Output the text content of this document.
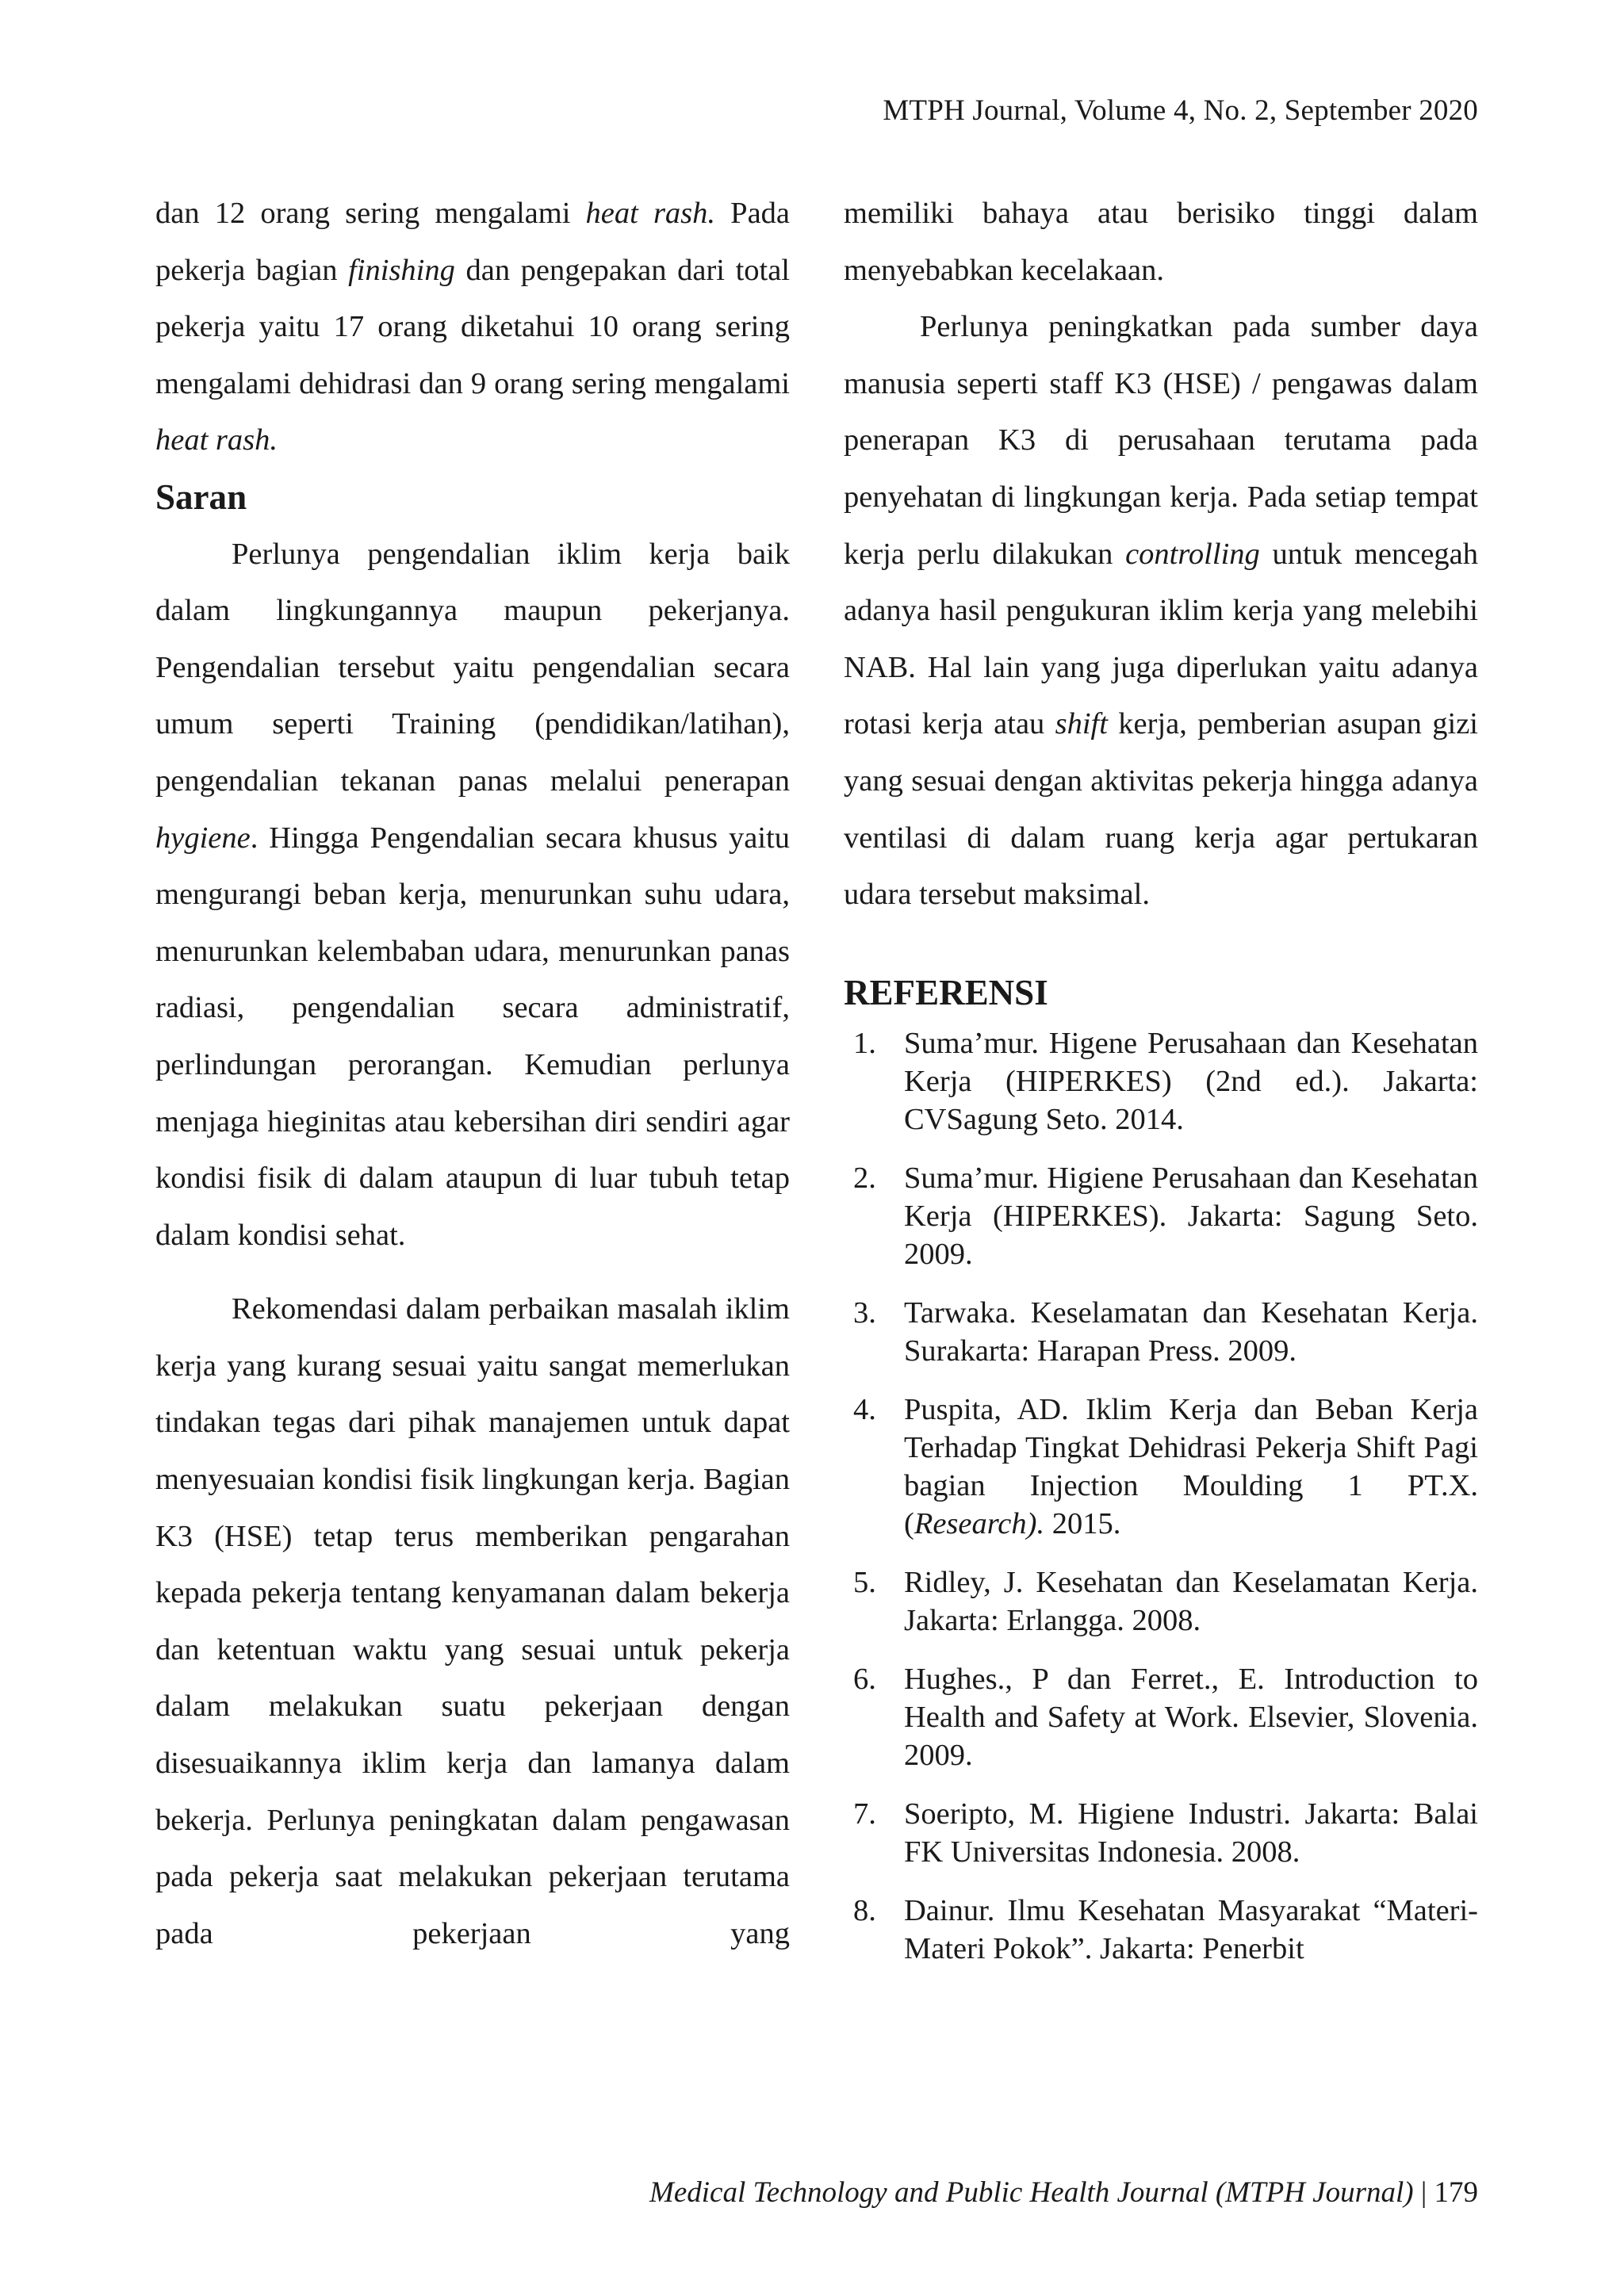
MTPH Journal, Volume 4, No. 2, September 2020

dan 12 orang sering mengalami heat rash. Pada pekerja bagian finishing dan pengepakan dari total pekerja yaitu 17 orang diketahui 10 orang sering mengalami dehidrasi dan 9 orang sering mengalami heat rash.

Saran

Perlunya pengendalian iklim kerja baik dalam lingkungannya maupun pekerjanya. Pengendalian tersebut yaitu pengendalian secara umum seperti Training (pendidikan/latihan), pengendalian tekanan panas melalui penerapan hygiene. Hingga Pengendalian secara khusus yaitu mengurangi beban kerja, menurunkan suhu udara, menurunkan kelembaban udara, menurunkan panas radiasi, pengendalian secara administratif, perlindungan perorangan. Kemudian perlunya menjaga hieginitas atau kebersihan diri sendiri agar kondisi fisik di dalam ataupun di luar tubuh tetap dalam kondisi sehat.

Rekomendasi dalam perbaikan masalah iklim kerja yang kurang sesuai yaitu sangat memerlukan tindakan tegas dari pihak manajemen untuk dapat menyesuaian kondisi fisik lingkungan kerja. Bagian K3 (HSE) tetap terus memberikan pengarahan kepada pekerja tentang kenyamanan dalam bekerja dan ketentuan waktu yang sesuai untuk pekerja dalam melakukan suatu pekerjaan dengan disesuaikannya iklim kerja dan lamanya dalam bekerja. Perlunya peningkatan dalam pengawasan pada pekerja saat melakukan pekerjaan terutama pada pekerjaan yang

memiliki bahaya atau berisiko tinggi dalam menyebabkan kecelakaan.

Perlunya peningkatkan pada sumber daya manusia seperti staff K3 (HSE) / pengawas dalam penerapan K3 di perusahaan terutama pada penyehatan di lingkungan kerja. Pada setiap tempat kerja perlu dilakukan controlling untuk mencegah adanya hasil pengukuran iklim kerja yang melebihi NAB. Hal lain yang juga diperlukan yaitu adanya rotasi kerja atau shift kerja, pemberian asupan gizi yang sesuai dengan aktivitas pekerja hingga adanya ventilasi di dalam ruang kerja agar pertukaran udara tersebut maksimal.

REFERENSI
1. Suma’mur. Higene Perusahaan dan Kesehatan Kerja (HIPERKES) (2nd ed.). Jakarta: CVSagung Seto. 2014.
2. Suma’mur. Higiene Perusahaan dan Kesehatan Kerja (HIPERKES). Jakarta: Sagung Seto. 2009.
3. Tarwaka. Keselamatan dan Kesehatan Kerja. Surakarta: Harapan Press. 2009.
4. Puspita, AD. Iklim Kerja dan Beban Kerja Terhadap Tingkat Dehidrasi Pekerja Shift Pagi bagian Injection Moulding 1 PT.X. (Research). 2015.
5. Ridley, J. Kesehatan dan Keselamatan Kerja. Jakarta: Erlangga. 2008.
6. Hughes., P dan Ferret., E. Introduction to Health and Safety at Work. Elsevier, Slovenia. 2009.
7. Soeripto, M. Higiene Industri. Jakarta: Balai FK Universitas Indonesia. 2008.
8. Dainur. Ilmu Kesehatan Masyarakat “Materi-Materi Pokok”. Jakarta: Penerbit
Medical Technology and Public Health Journal (MTPH Journal) | 179
